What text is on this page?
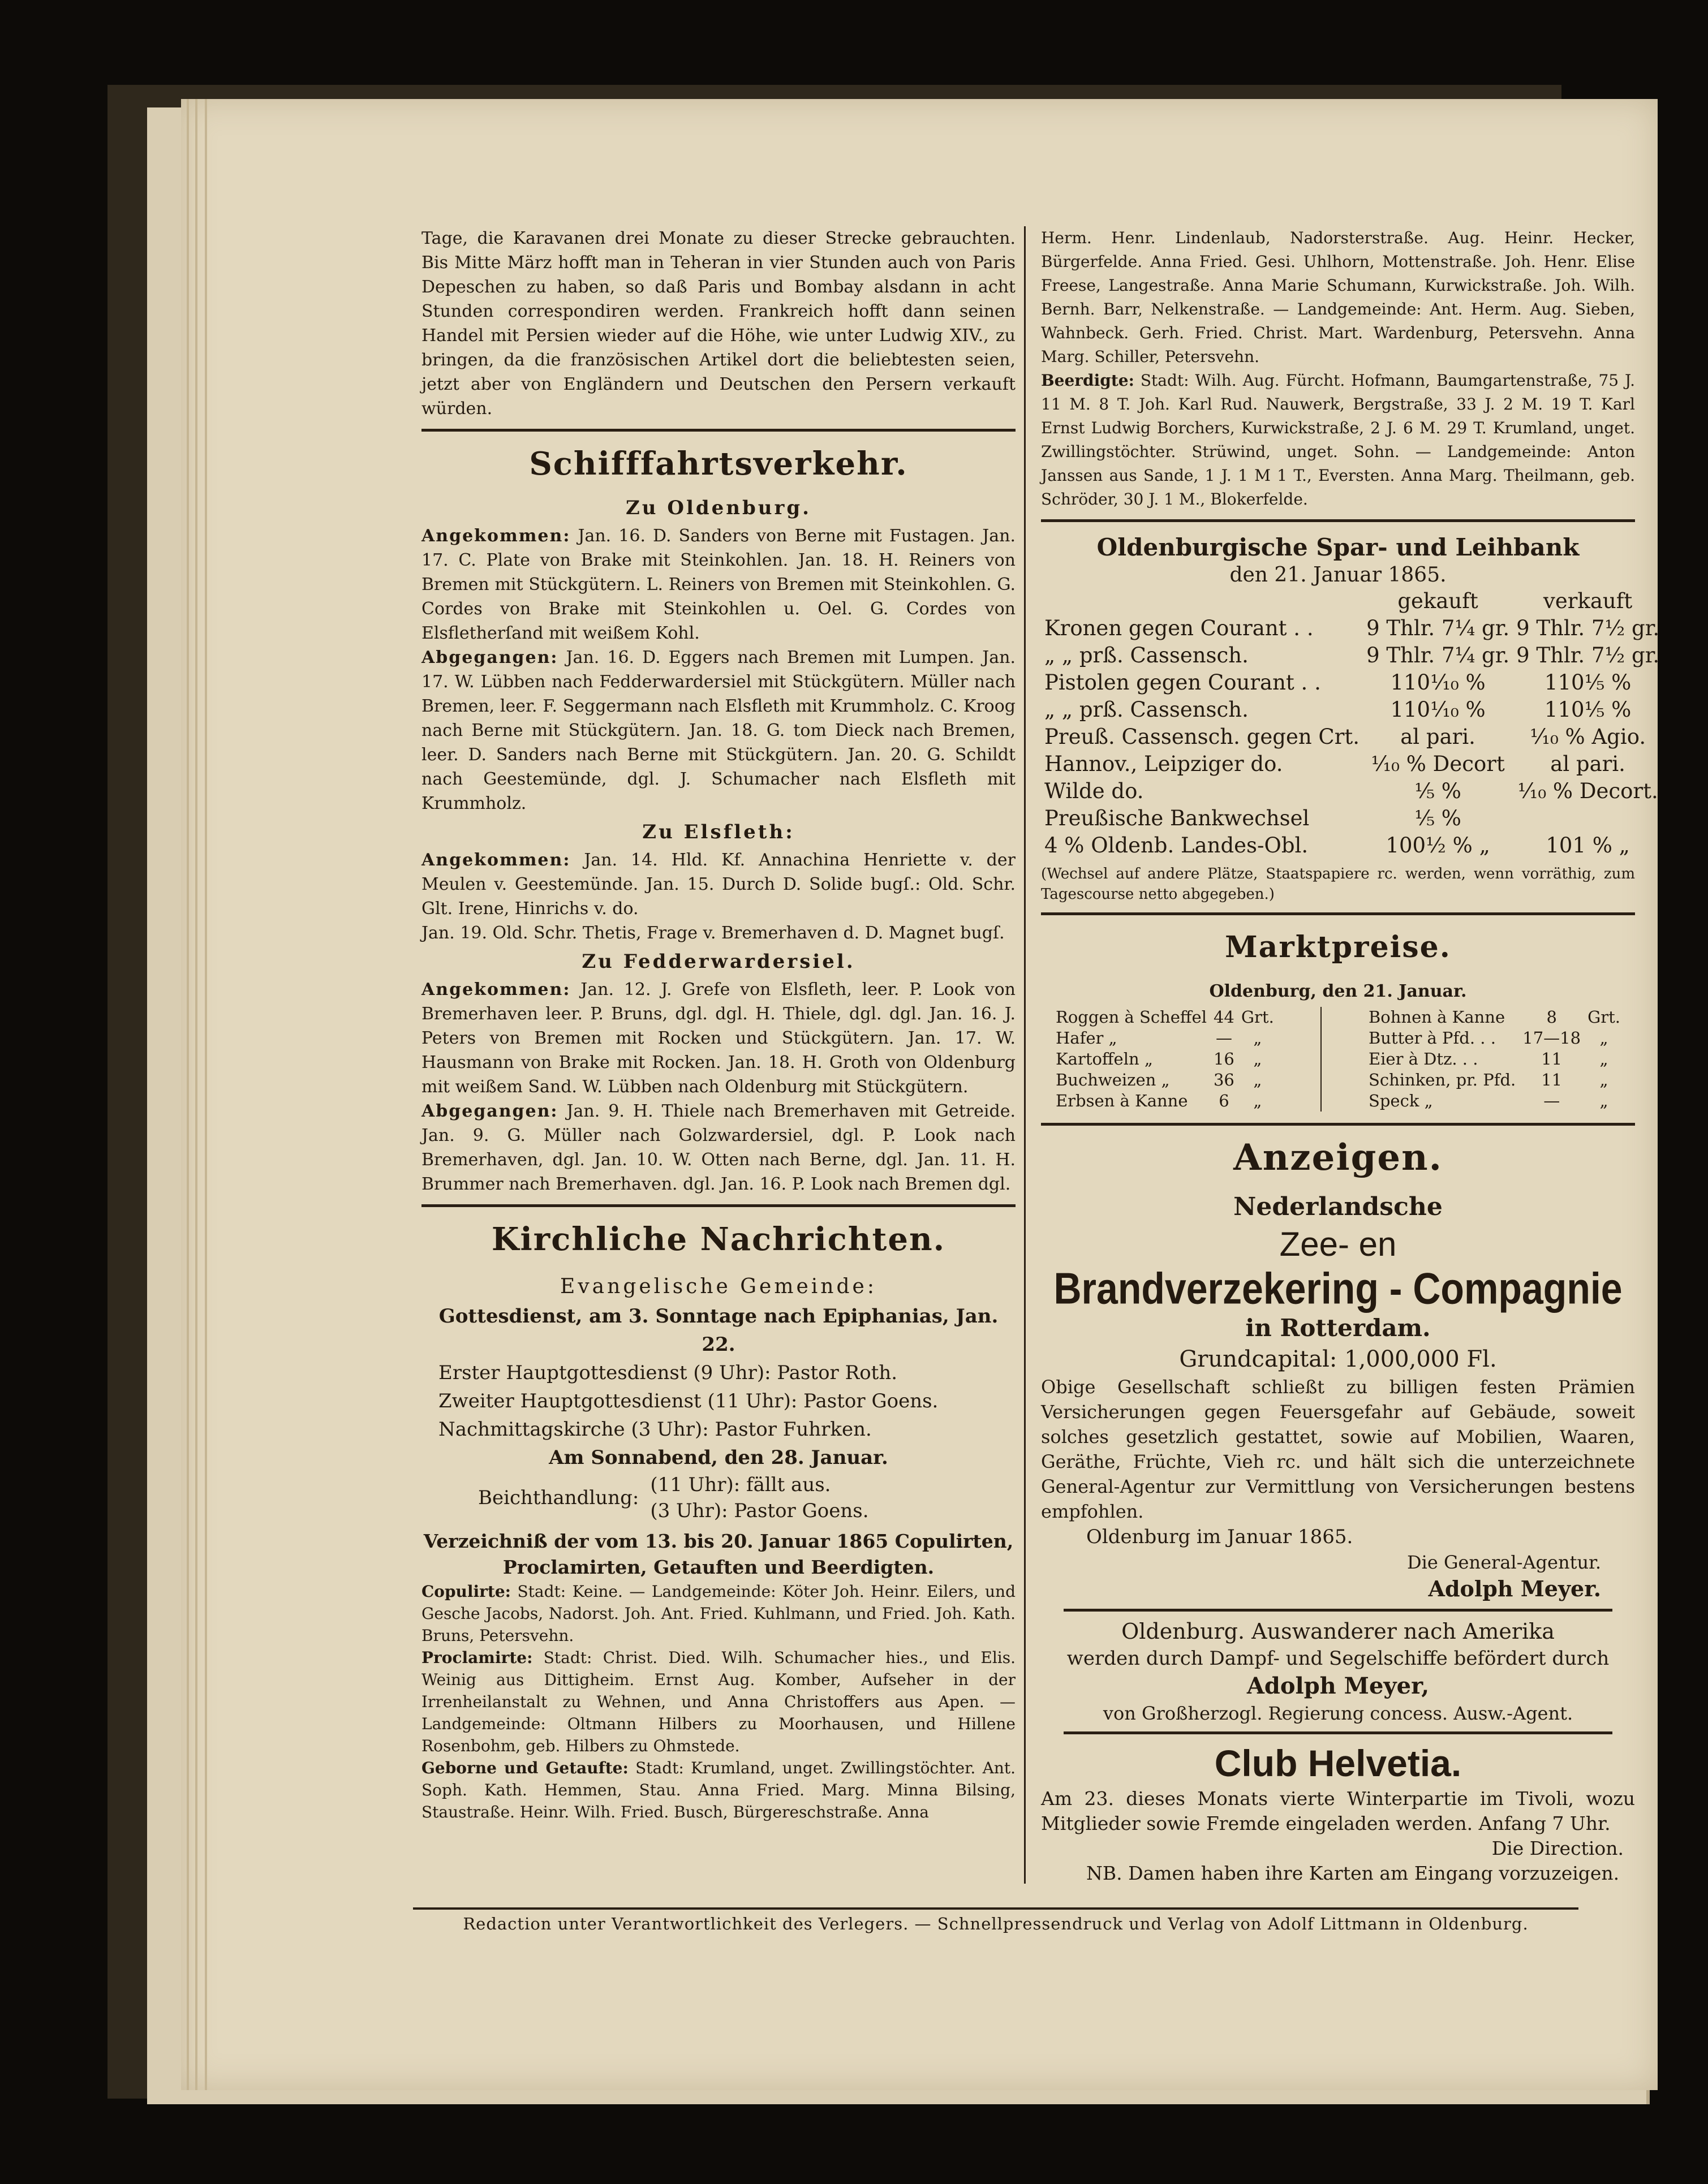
Tage, die Karavanen drei Monate zu dieser Strecke gebrauchten. Bis Mitte März hofft man in Teheran in vier Stunden auch von Paris Depeschen zu haben, so daß Paris und Bombay alsdann in acht Stunden correspondiren werden. Frankreich hofft dann seinen Handel mit Persien wieder auf die Höhe, wie unter Ludwig XIV., zu bringen, da die französischen Artikel dort die beliebtesten seien, jetzt aber von Engländern und Deutschen den Persern verkauft würden.

Schifffahrtsverkehr.
Zu Oldenburg.

Angekommen: Jan. 16. D. Sanders von Berne mit Fustagen. Jan. 17. C. Plate von Brake mit Steinkohlen. Jan. 18. H. Reiners von Bremen mit Stückgütern. L. Reiners von Bremen mit Steinkohlen. G. Cordes von Brake mit Steinkohlen u. Oel. G. Cordes von Elsfletherſand mit weißem Kohl.

Abgegangen: Jan. 16. D. Eggers nach Bremen mit Lumpen. Jan. 17. W. Lübben nach Fedderwardersiel mit Stückgütern. Müller nach Bremen, leer. F. Seggermann nach Elsfleth mit Krummholz. C. Kroog nach Berne mit Stückgütern. Jan. 18. G. tom Dieck nach Bremen, leer. D. Sanders nach Berne mit Stückgütern. Jan. 20. G. Schildt nach Geestemünde, dgl. J. Schumacher nach Elsfleth mit Krummholz.

Zu Elsfleth:

Angekommen: Jan. 14. Hld. Kf. Annachina Henriette v. der Meulen v. Geestemünde. Jan. 15. Durch D. Solide bugſ.: Old. Schr. Glt. Irene, Hinrichs v. do.

Jan. 19. Old. Schr. Thetis, Frage v. Bremerhaven d. D. Magnet bugſ.

Zu Fedderwardersiel.

Angekommen: Jan. 12. J. Grefe von Elsfleth, leer. P. Look von Bremerhaven leer. P. Bruns, dgl. dgl. H. Thiele, dgl. dgl. Jan. 16. J. Peters von Bremen mit Rocken und Stückgütern. Jan. 17. W. Hausmann von Brake mit Rocken. Jan. 18. H. Groth von Oldenburg mit weißem Sand. W. Lübben nach Oldenburg mit Stückgütern.

Abgegangen: Jan. 9. H. Thiele nach Bremerhaven mit Getreide. Jan. 9. G. Müller nach Golzwardersiel, dgl. P. Look nach Bremerhaven, dgl. Jan. 10. W. Otten nach Berne, dgl. Jan. 11. H. Brummer nach Bremerhaven. dgl. Jan. 16. P. Look nach Bremen dgl.

Kirchliche Nachrichten.
Evangelische Gemeinde:
Gottesdienst, am 3. Sonntage nach Epiphanias, Jan. 22.
Erster Hauptgottesdienst (9 Uhr): Pastor Roth.
Zweiter Hauptgottesdienst (11 Uhr): Pastor Goens.
Nachmittagskirche (3 Uhr): Pastor Fuhrken.
Am Sonnabend, den 28. Januar.
Beichthandlung:
(11 Uhr): fällt aus.
(3 Uhr): Pastor Goens.
Verzeichniß der vom 13. bis 20. Januar 1865 Copulirten, Proclamirten, Getauften und Beerdigten.

Copulirte: Stadt: Keine. — Landgemeinde: Köter Joh. Heinr. Eilers, und Gesche Jacobs, Nadorst. Joh. Ant. Fried. Kuhlmann, und Fried. Joh. Kath. Bruns, Petersvehn.

Proclamirte: Stadt: Christ. Died. Wilh. Schumacher hies., und Elis. Weinig aus Dittigheim. Ernst Aug. Komber, Aufseher in der Irrenheilanstalt zu Wehnen, und Anna Christoffers aus Apen. — Landgemeinde: Oltmann Hilbers zu Moorhausen, und Hillene Rosenbohm, geb. Hilbers zu Ohmstede.

Geborne und Getaufte: Stadt: Krumland, unget. Zwillingstöchter. Ant. Soph. Kath. Hemmen, Stau. Anna Fried. Marg. Minna Bilsing, Staustraße. Heinr. Wilh. Fried. Busch, Bürgereschstraße. Anna

Herm. Henr. Lindenlaub, Nadorsterstraße. Aug. Heinr. Hecker, Bürgerfelde. Anna Fried. Gesi. Uhlhorn, Mottenstraße. Joh. Henr. Elise Freese, Langestraße. Anna Marie Schumann, Kurwickstraße. Joh. Wilh. Bernh. Barr, Nelkenstraße. — Landgemeinde: Ant. Herm. Aug. Sieben, Wahnbeck. Gerh. Fried. Christ. Mart. Wardenburg, Petersvehn. Anna Marg. Schiller, Petersvehn.

Beerdigte: Stadt: Wilh. Aug. Fürcht. Hofmann, Baumgartenstraße, 75 J. 11 M. 8 T. Joh. Karl Rud. Nauwerk, Bergstraße, 33 J. 2 M. 19 T. Karl Ernst Ludwig Borchers, Kurwickstraße, 2 J. 6 M. 29 T. Krumland, unget. Zwillingstöchter. Strüwind, unget. Sohn. — Landgemeinde: Anton Janssen aus Sande, 1 J. 1 M 1 T., Eversten. Anna Marg. Theilmann, geb. Schröder, 30 J. 1 M., Blokerfelde.

Oldenburgische Spar- und Leihbank
den 21. Januar 1865.
	gekauft	verkauft
Kronen gegen Courant . .	9 Thlr. 7¼ gr.	9 Thlr. 7½ gr.
„ „ prß. Cassensch.	9 Thlr. 7¼ gr.	9 Thlr. 7½ gr.
Pistolen gegen Courant . .	110¹⁄₁₀ %	110¹⁄₅ %
„ „ prß. Cassensch.	110¹⁄₁₀ %	110¹⁄₅ %
Preuß. Cassensch. gegen Crt.	al pari.	¹⁄₁₀ % Agio.
Hannov., Leipziger do.	¹⁄₁₀ % Decort	al pari.
Wilde do.	¹⁄₅ %	¹⁄₁₀ % Decort.
Preußische Bankwechsel	¹⁄₅ %	
4 % Oldenb. Landes-Obl.	100½ % „	101 % „

(Wechsel auf andere Plätze, Staatspapiere rc. werden, wenn vorräthig, zum Tagescourse netto abgegeben.)

Marktpreise.
Oldenburg, den 21. Januar.
Roggen à Scheffel	44	Grt.
Hafer „	—	„
Kartoffeln „	16	„
Buchweizen „	36	„
Erbsen à Kanne	6	„
Bohnen à Kanne	8	Grt.
Butter à Pfd. . .	17—18	„
Eier à Dtz. . .	11	„
Schinken, pr. Pfd.	11	„
Speck „	—	„
Anzeigen.
Nederlandsche
Zee- en
Brandverzekering - Compagnie
in Rotterdam.
Grundcapital: 1,000,000 Fl.

Obige Gesellschaft schließt zu billigen festen Prämien Versicherungen gegen Feuersgefahr auf Gebäude, soweit solches gesetzlich gestattet, sowie auf Mobilien, Waaren, Geräthe, Früchte, Vieh rc. und hält sich die unterzeichnete General-Agentur zur Vermittlung von Versicherungen bestens empfohlen.

Oldenburg im Januar 1865.
Die General-Agentur.
Adolph Meyer.
Oldenburg. Auswanderer nach Amerika
werden durch Dampf- und Segelschiffe befördert durch
Adolph Meyer,
von Großherzogl. Regierung concess. Ausw.-Agent.
Club Helvetia.

Am 23. dieses Monats vierte Winterpartie im Tivoli, wozu Mitglieder sowie Fremde eingeladen werden. Anfang 7 Uhr.

Die Direction.
NB. Damen haben ihre Karten am Eingang vorzuzeigen.
Redaction unter Verantwortlichkeit des Verlegers. — Schnellpressendruck und Verlag von Adolf Littmann in Oldenburg.
